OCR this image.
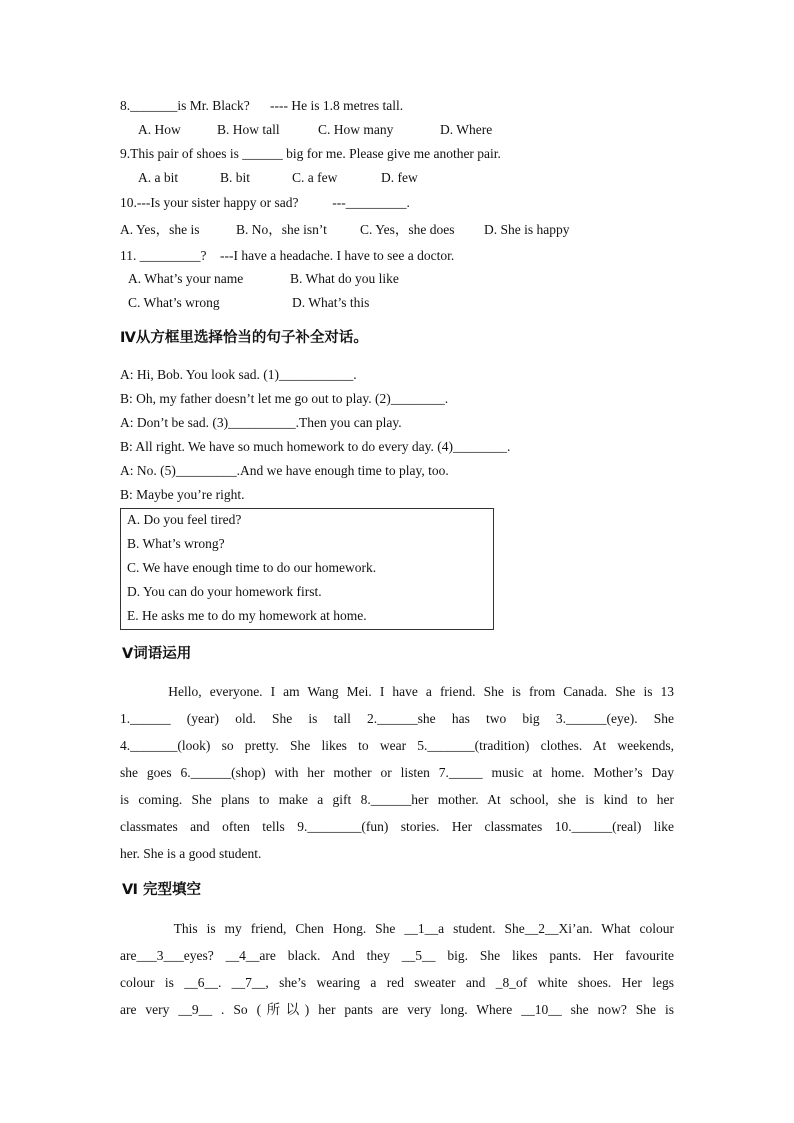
8._______is Mr. Black?      ---- He is 1.8 metres tall.
A. How	B. How tall	C. How many	D. Where
9.This pair of shoes is ______ big for me. Please give me another pair.
A. a bit	B. bit	C. a few	D. few
10.---Is your sister happy or sad?          ---_________.
A. Yes，she is	B. No，she isn’t C. Yes，she does D. She is happy
11. _________?    ---I have a headache. I have to see a doctor.
A. What’s your name	B. What do you like
C. What’s wrong	D. What’s this
Ⅳ从方框里选择恰当的句子补全对话。
A: Hi, Bob. You look sad. (1)___________.
B: Oh, my father doesn’t let me go out to play. (2)________.
A: Don’t be sad. (3)__________.Then you can play.
B: All right. We have so much homework to do every day. (4)________.
A: No. (5)_________.And we have enough time to play, too.
B: Maybe you’re right.
A. Do you feel tired?
B. What’s wrong?
C. We have enough time to do our homework.
D. You can do your homework first.
E. He asks me to do my homework at home.
Ⅴ词语运用
Hello, everyone. I am Wang Mei. I have a friend. She is from Canada. She is 13
1.______ (year) old. She is tall 2.______she has two big 3.______(eye). She
4._______(look) so pretty. She likes to wear 5._______(tradition) clothes. At weekends,
she goes 6.______(shop) with her mother or listen 7._____ music at home. Mother’s Day
is coming. She plans to make a gift 8.______her mother. At school, she is kind to her
classmates and often tells 9.________(fun) stories. Her classmates 10.______(real) like
her. She is a good student.
Ⅵ 完型填空
This is my friend, Chen Hong. She __1__a student. She__2__Xi’an. What colour
are___3___eyes? __4__are black. And they __5__ big. She likes pants. Her favourite
colour is __6__. __7__, she’s wearing a red sweater and _8_of white shoes. Her legs
are very __9__ . So (所以) her pants are very long. Where __10__ she now? She is
